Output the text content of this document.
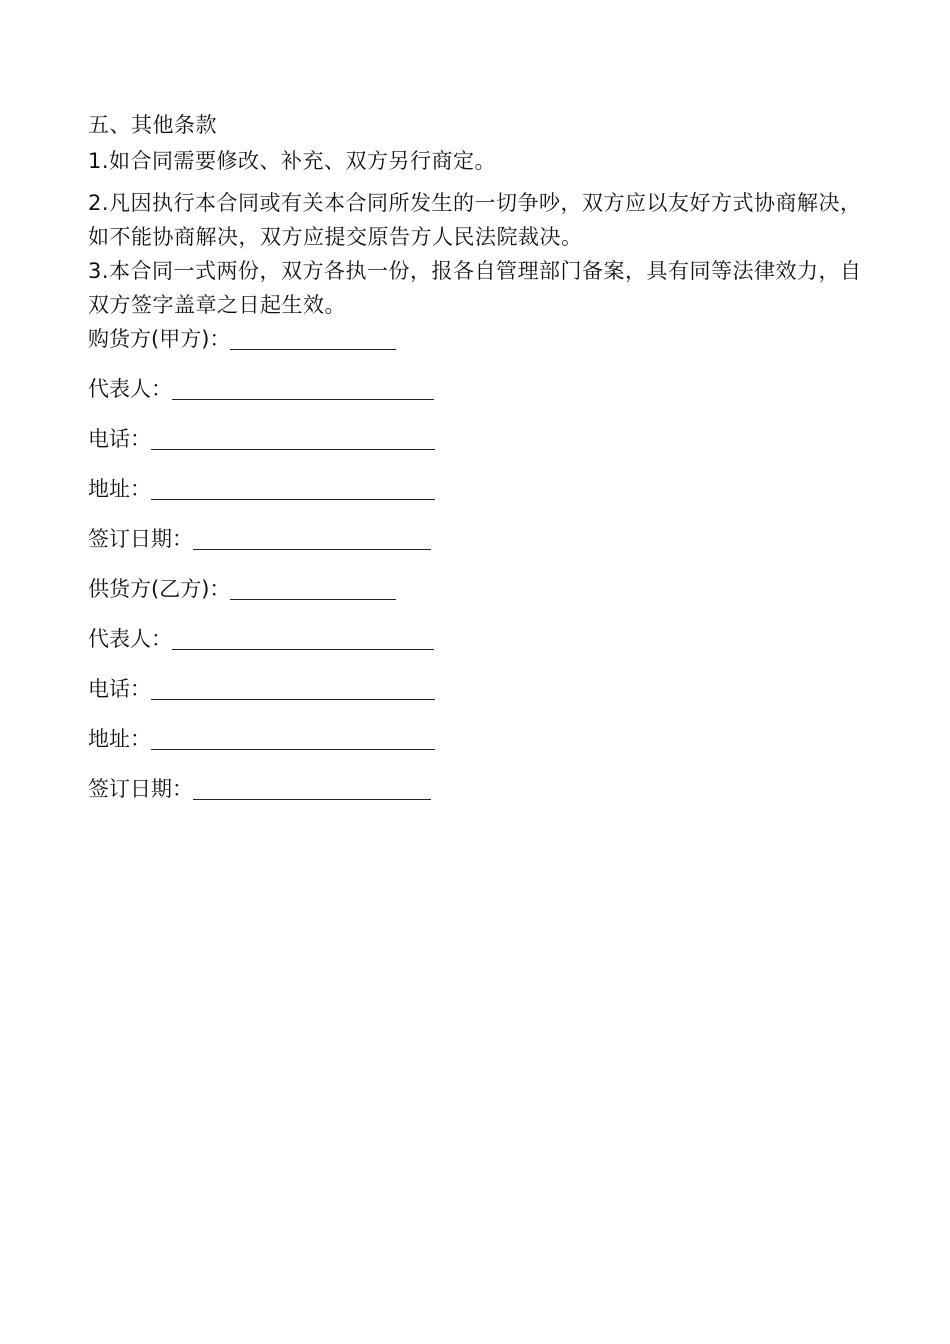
五、其他条款
1.如合同需要修改、补充、双方另行商定。
2.凡因执行本合同或有关本合同所发生的一切争吵，双方应以友好方式协商解决，如不能协商解决，双方应提交原告方人民法院裁决。
3.本合同一式两份，双方各执一份，报各自管理部门备案，具有同等法律效力，自双方签字盖章之日起生效。
购货方(甲方)：
代表人：
电话：
地址：
签订日期：
供货方(乙方)：
代表人：
电话：
地址：
签订日期：
